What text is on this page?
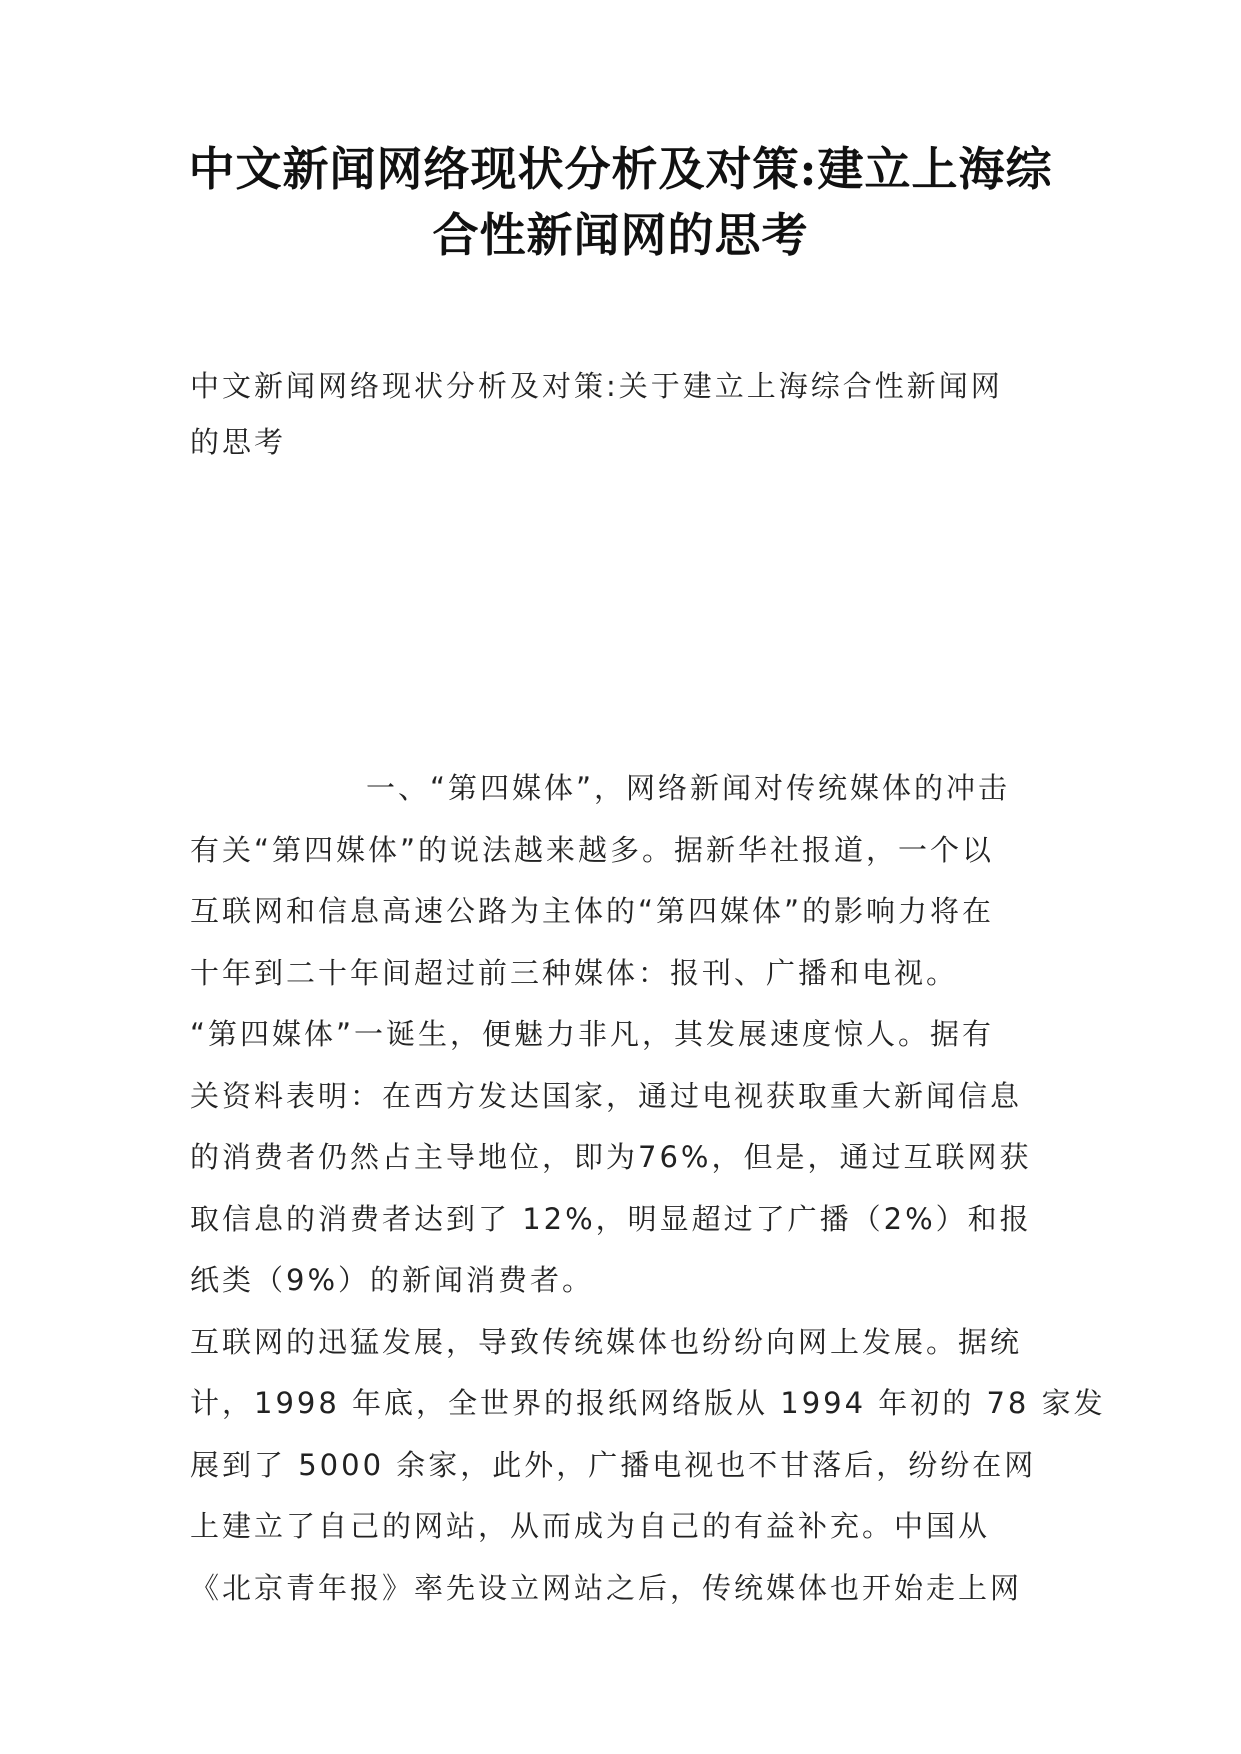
中文新闻网络现状分析及对策:建立上海综
合性新闻网的思考

中文新闻网络现状分析及对策:关于建立上海综合性新闻网
的思考

一、“第四媒体”，网络新闻对传统媒体的冲击
有关“第四媒体”的说法越来越多。据新华社报道，一个以
互联网和信息高速公路为主体的“第四媒体”的影响力将在
十年到二十年间超过前三种媒体：报刊、广播和电视。
“第四媒体”一诞生，便魅力非凡，其发展速度惊人。据有
关资料表明：在西方发达国家，通过电视获取重大新闻信息
的消费者仍然占主导地位，即为76%，但是，通过互联网获
取信息的消费者达到了 12%，明显超过了广播（2%）和报
纸类（9%）的新闻消费者。
互联网的迅猛发展，导致传统媒体也纷纷向网上发展。据统
计，1998 年底，全世界的报纸网络版从 1994 年初的 78 家发
展到了 5000 余家，此外，广播电视也不甘落后，纷纷在网
上建立了自己的网站，从而成为自己的有益补充。中国从
《北京青年报》率先设立网站之后，传统媒体也开始走上网
